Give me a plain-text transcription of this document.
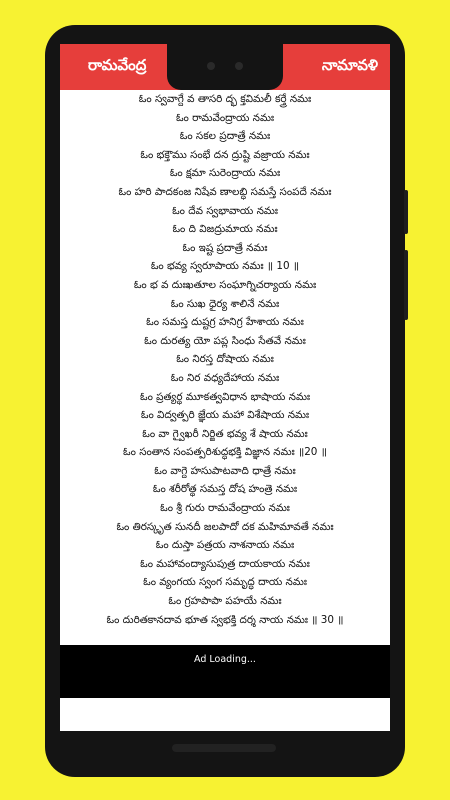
రామవేంద్ర	నామావళి
ఓం స్వవాగ్దే వ తాసరి ద్భ క్తవిమలీ కర్త్రే నమః
ఓం రామవేంద్రాయ నమః
ఓం సకల ప్రదాత్రే నమః
ఓం భక్తౌము సంభే దన ద్రుష్టి వజ్రాయ నమః
ఓం క్షమా సురెంద్రాయ నమః
ఓం హరి పాదకంజ నిషేవ ణాలబ్ధి సమస్తే సంపదే నమః
ఓం దేవ స్వభావాయ నమః
ఓం ది విజద్రుమాయ నమః
ఓం ఇష్ట ప్రదాత్రే నమః
ఓం భవ్య స్వరూపాయ నమః ॥ 10 ॥
ఓం భ వ దుఃఖతూల సంఘాగ్నిచర్యాయ నమః
ఓం సుఖ ధైర్య శాలినే నమః
ఓం సమస్త దుష్టగ్ర హనిగ్ర హేశాయ నమః
ఓం దురత్య యో పప్ల సింధు సేతవే నమః
ఓం నిరస్త దోషాయ నమః
ఓం నిర వధ్యదేహాయ నమః
ఓం ప్రత్యర్థ మూకత్వవిధాన భాషాయ నమః
ఓం విద్వత్పరి జ్ఞేయ మహా విశేషాయ నమః
ఓం వా గ్వైఖరీ నిర్జిత భవ్య శే షాయ నమః
ఓం సంతాన సంపత్పరిశుద్ధభక్తి విజ్ఞాన నమః ॥20 ॥
ఓం వాగ్దె హసుపాటవాది ధాత్రే నమః
ఓం శరీరోత్థ సమస్త దోష హంత్రె నమః
ఓం శ్రీ గురు రామవేంద్రాయ నమః
ఓం తిరస్కృత సునదీ జలపాదో దక మహిమావతే నమః
ఓం దుస్తా పత్రయ నాశనాయ నమః
ఓం మహావంద్యాసుపుత్ర దాయకాయ నమః
ఓం వ్యంగయ స్వంగ సమృద్ధ దాయ నమః
ఓం గ్రహపాపా పహయే నమః
ఓం దురితకానదావ భూత స్వభక్తి దర్శ నాయ నమః ॥ 30 ॥
Ad Loading...
